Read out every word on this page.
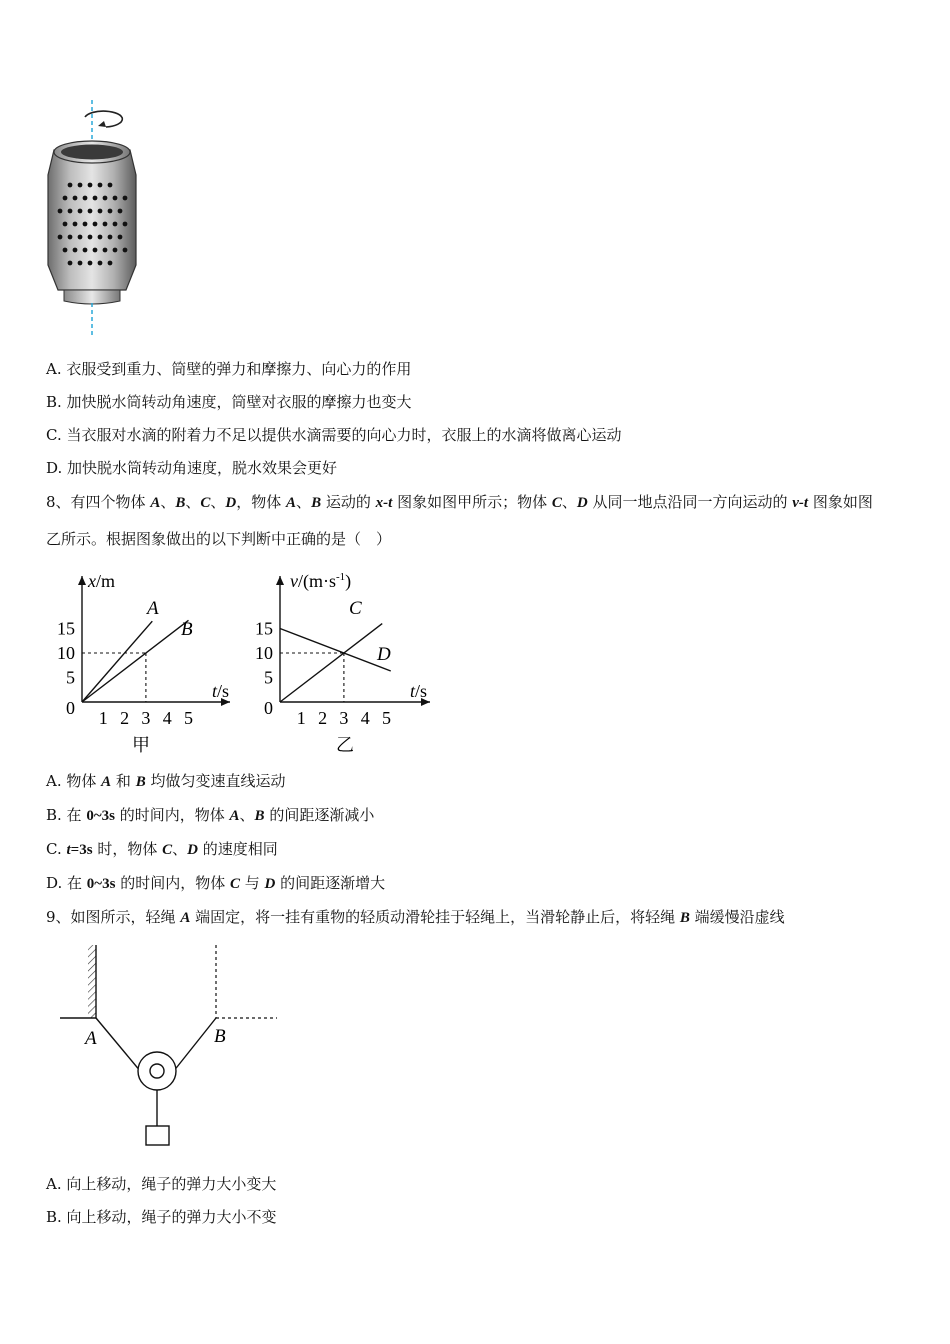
A. 衣服受到重力、筒壁的弹力和摩擦力、向心力的作用
B. 加快脱水筒转动角速度，筒壁对衣服的摩擦力也变大
C. 当衣服对水滴的附着力不足以提供水滴需要的向心力时，衣服上的水滴将做离心运动
D. 加快脱水筒转动角速度，脱水效果会更好
8、有四个物体 A、B、C、D，物体 A、B 运动的 x-t 图象如图甲所示；物体 C、D 从同一地点沿同一方向运动的 v-t 图象如图
乙所示。根据图象做出的以下判断中正确的是（　）
15
10
5
1 2 3 4 5
A
B
x/m
t/s
0
甲
15
10
5
1 2 3 4 5
C
D
$v/(m\cdot s^{-1})$
t/s
0
乙
A. 物体 A 和 B 均做匀变速直线运动
B. 在 0~3s 的时间内，物体 A、B 的间距逐渐减小
C. t=3s 时，物体 C、D 的速度相同
D. 在 0~3s 的时间内，物体 C 与 D 的间距逐渐增大
9、如图所示，轻绳 A 端固定，将一挂有重物的轻质动滑轮挂于轻绳上，当滑轮静止后，将轻绳 B 端缓慢沿虚线
A	B
A. 向上移动，绳子的弹力大小变大
B. 向上移动，绳子的弹力大小不变
